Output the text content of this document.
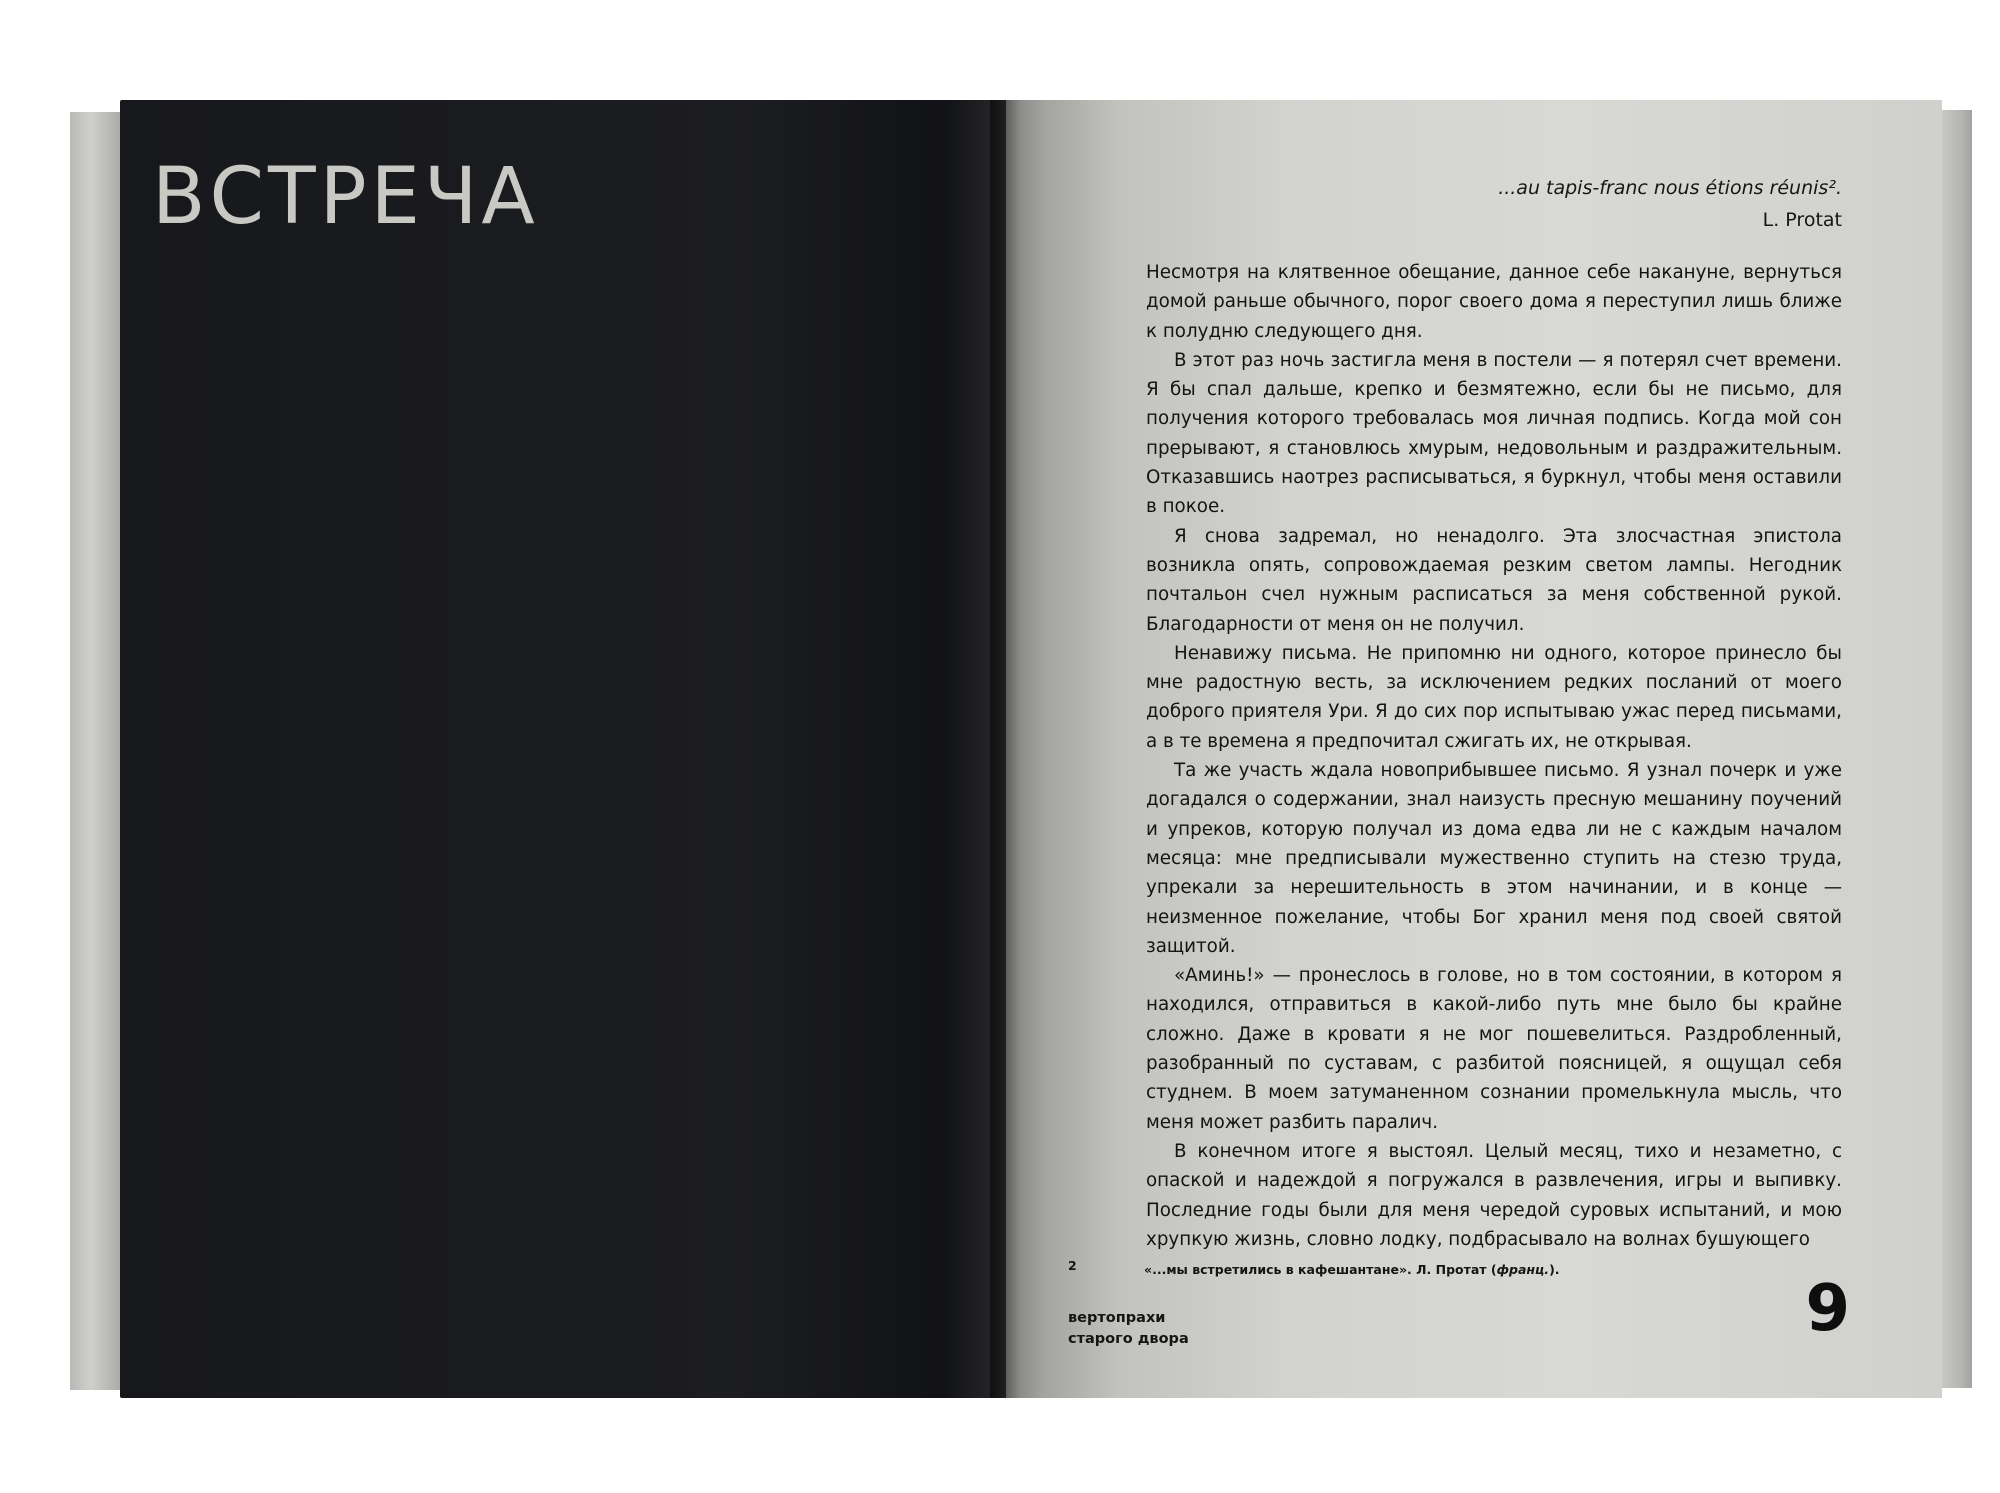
ВСТРЕЧА	...au tapis-franc nous étions réunis².
L. Protat

Несмотря на клятвенное обещание, данное себе накануне, вернуться домой раньше обычного, порог своего дома я переступил лишь ближе к полудню следующего дня.

В этот раз ночь застигла меня в постели — я потерял счет времени. Я бы спал дальше, крепко и безмятежно, если бы не письмо, для получения которого требовалась моя личная подпись. Когда мой сон прерывают, я становлюсь хмурым, недовольным и раздражительным. Отказавшись наотрез расписываться, я буркнул, чтобы меня оставили в покое.

Я снова задремал, но ненадолго. Эта злосчастная эпистола возникла опять, сопровождаемая резким светом лампы. Негодник почтальон счел нужным расписаться за меня собственной рукой. Благодарности от меня он не получил.

Ненавижу письма. Не припомню ни одного, которое принесло бы мне радостную весть, за исключением редких посланий от моего доброго приятеля Ури. Я до сих пор испытываю ужас перед письмами, а в те времена я предпочитал сжигать их, не открывая.

Та же участь ждала новоприбывшее письмо. Я узнал почерк и уже догадался о содержании, знал наизусть пресную мешанину поучений и упреков, которую получал из дома едва ли не с каждым началом месяца: мне предписывали мужественно ступить на стезю труда, упрекали за нерешительность в этом начинании, и в конце — неизменное пожелание, чтобы Бог хранил меня под своей святой защитой.

«Аминь!» — пронеслось в голове, но в том состоянии, в котором я находился, отправиться в какой-либо путь мне было бы крайне сложно. Даже в кровати я не мог пошевелиться. Раздробленный, разобранный по суставам, с разбитой поясницей, я ощущал себя студнем. В моем затуманенном сознании промелькнула мысль, что меня может разбить паралич.

В конечном итоге я выстоял. Целый месяц, тихо и незаметно, с опаской и надеждой я погружался в развлечения, игры и выпивку. Последние годы были для меня чередой суровых испытаний, и мою хрупкую жизнь, словно лодку, подбрасывало на волнах бушующего

2	«...мы встретились в кафешантане». Л. Протат (франц.).
вертопрахи
старого двора	9
